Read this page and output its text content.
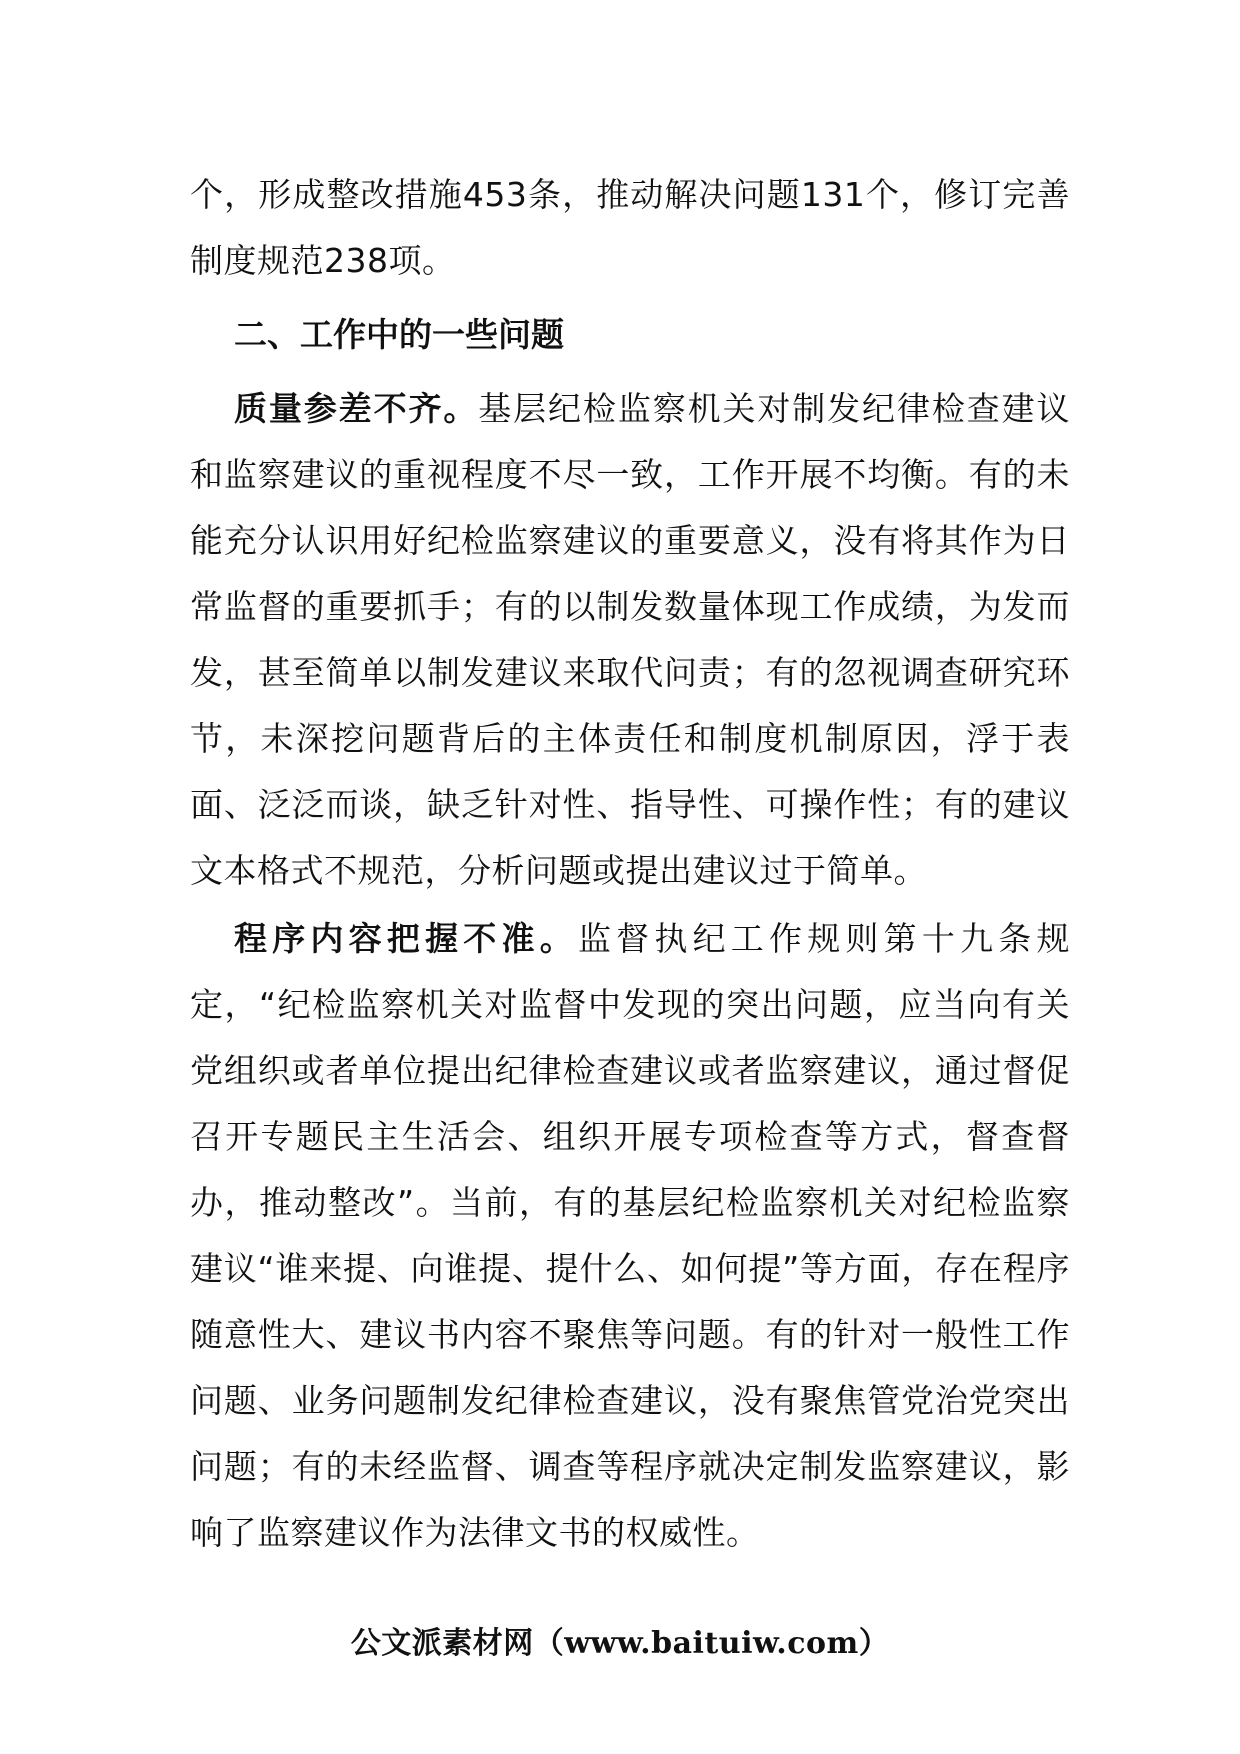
个，形成整改措施453条，推动解决问题131个，修订完善制度规范238项。

二、工作中的一些问题

质量参差不齐。基层纪检监察机关对制发纪律检查建议和监察建议的重视程度不尽一致，工作开展不均衡。有的未能充分认识用好纪检监察建议的重要意义，没有将其作为日常监督的重要抓手；有的以制发数量体现工作成绩，为发而发，甚至简单以制发建议来取代问责；有的忽视调查研究环节，未深挖问题背后的主体责任和制度机制原因，浮于表面、泛泛而谈，缺乏针对性、指导性、可操作性；有的建议文本格式不规范，分析问题或提出建议过于简单。

程序内容把握不准。监督执纪工作规则第十九条规定，“纪检监察机关对监督中发现的突出问题，应当向有关党组织或者单位提出纪律检查建议或者监察建议，通过督促召开专题民主生活会、组织开展专项检查等方式，督查督办，推动整改”。当前，有的基层纪检监察机关对纪检监察建议“谁来提、向谁提、提什么、如何提”等方面，存在程序随意性大、建议书内容不聚焦等问题。有的针对一般性工作问题、业务问题制发纪律检查建议，没有聚焦管党治党突出问题；有的未经监督、调查等程序就决定制发监察建议，影响了监察建议作为法律文书的权威性。

公文派素材网（www.baituiw.com）
